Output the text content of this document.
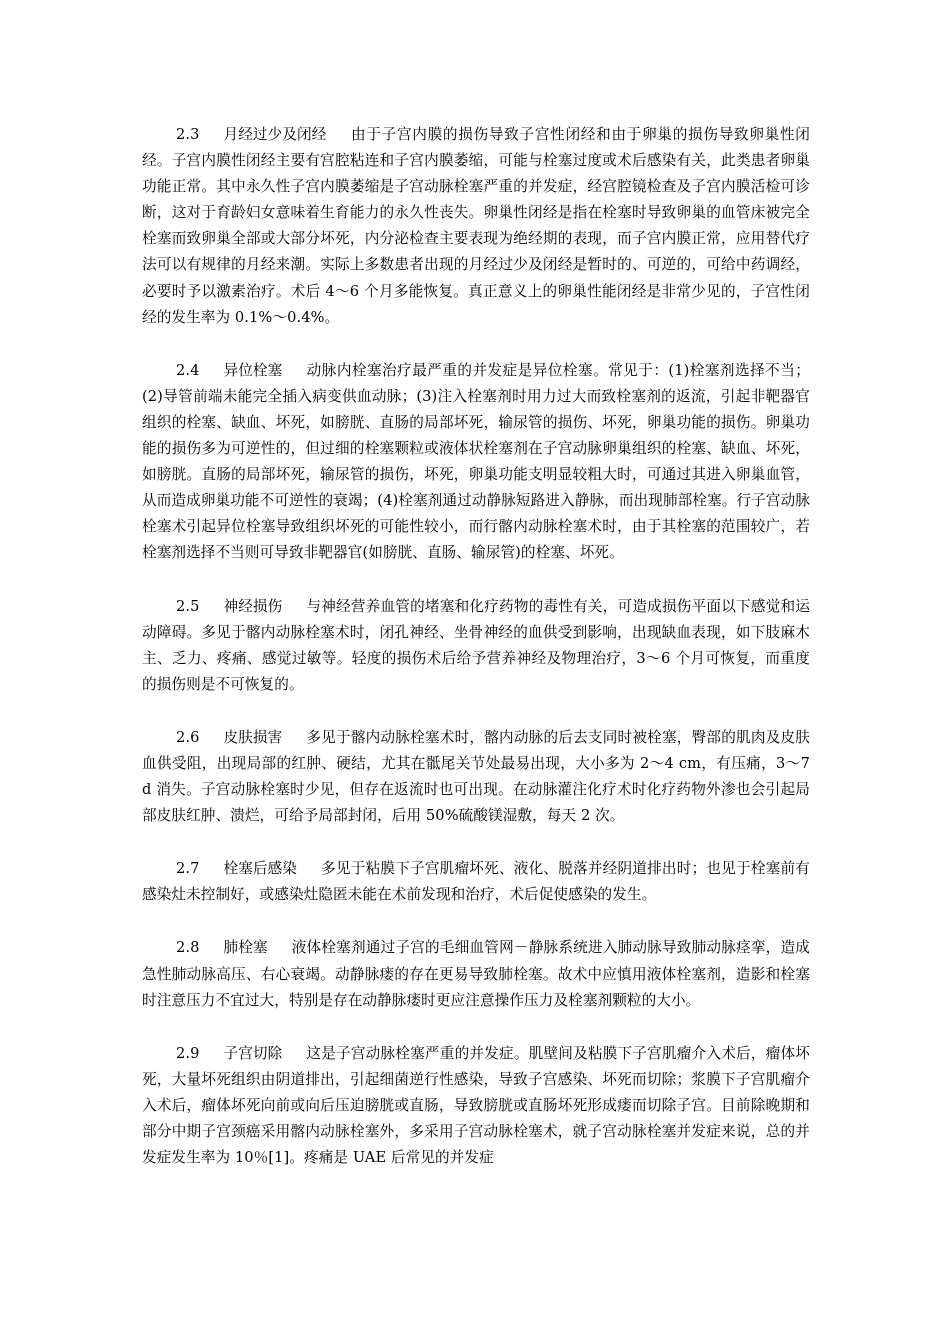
2.3 月经过少及闭经 由于子宫内膜的损伤导致子宫性闭经和由于卵巢的损伤导致卵巢性闭经。子宫内膜性闭经主要有宫腔粘连和子宫内膜萎缩，可能与栓塞过度或术后感染有关，此类患者卵巢功能正常。其中永久性子宫内膜萎缩是子宫动脉栓塞严重的并发症，经宫腔镜检查及子宫内膜活检可诊断，这对于育龄妇女意味着生育能力的永久性丧失。卵巢性闭经是指在栓塞时导致卵巢的血管床被完全栓塞而致卵巢全部或大部分坏死，内分泌检查主要表现为绝经期的表现，而子宫内膜正常，应用替代疗法可以有规律的月经来潮。实际上多数患者出现的月经过少及闭经是暂时的、可逆的，可给中药调经，必要时予以激素治疗。术后 4～6 个月多能恢复。真正意义上的卵巢性能闭经是非常少见的，子宫性闭经的发生率为 0.1%～0.4%。

2.4 异位栓塞 动脉内栓塞治疗最严重的并发症是异位栓塞。常见于：(1)栓塞剂选择不当；(2)导管前端未能完全插入病变供血动脉；(3)注入栓塞剂时用力过大而致栓塞剂的返流，引起非靶器官组织的栓塞、缺血、坏死，如膀胱、直肠的局部坏死，输尿管的损伤、坏死，卵巢功能的损伤。卵巢功能的损伤多为可逆性的，但过细的栓塞颗粒或液体状栓塞剂在子宫动脉卵巢组织的栓塞、缺血、坏死，如膀胱。直肠的局部坏死，输尿管的损伤，坏死，卵巢功能支明显较粗大时，可通过其进入卵巢血管，从而造成卵巢功能不可逆性的衰竭；(4)栓塞剂通过动静脉短路进入静脉，而出现肺部栓塞。行子宫动脉栓塞术引起异位栓塞导致组织坏死的可能性较小，而行髂内动脉栓塞术时，由于其栓塞的范围较广，若栓塞剂选择不当则可导致非靶器官(如膀胱、直肠、输尿管)的栓塞、坏死。

2.5 神经损伤 与神经营养血管的堵塞和化疗药物的毒性有关，可造成损伤平面以下感觉和运动障碍。多见于髂内动脉栓塞术时，闭孔神经、坐骨神经的血供受到影响，出现缺血表现，如下肢麻木主、乏力、疼痛、感觉过敏等。轻度的损伤术后给予营养神经及物理治疗，3～6 个月可恢复，而重度的损伤则是不可恢复的。

2.6 皮肤损害 多见于髂内动脉栓塞术时，髂内动脉的后去支同时被栓塞，臀部的肌肉及皮肤血供受阻，出现局部的红肿、硬结，尤其在骶尾关节处最易出现，大小多为 2～4 cm，有压痛，3～7 d 消失。子宫动脉栓塞时少见，但存在返流时也可出现。在动脉灌注化疗术时化疗药物外渗也会引起局部皮肤红肿、溃烂，可给予局部封闭，后用 50%硫酸镁湿敷，每天 2 次。

2.7 栓塞后感染 多见于粘膜下子宫肌瘤坏死、液化、脱落并经阴道排出时；也见于栓塞前有感染灶未控制好，或感染灶隐匿未能在术前发现和治疗，术后促使感染的发生。

2.8 肺栓塞 液体栓塞剂通过子宫的毛细血管网－静脉系统进入肺动脉导致肺动脉痉挛，造成急性肺动脉高压、右心衰竭。动静脉瘘的存在更易导致肺栓塞。故术中应慎用液体栓塞剂，造影和栓塞时注意压力不宜过大，特别是存在动静脉瘘时更应注意操作压力及栓塞剂颗粒的大小。

2.9 子宫切除 这是子宫动脉栓塞严重的并发症。肌壁间及粘膜下子宫肌瘤介入术后，瘤体坏死，大量坏死组织由阴道排出，引起细菌逆行性感染，导致子宫感染、坏死而切除；浆膜下子宫肌瘤介入术后，瘤体坏死向前或向后压迫膀胱或直肠，导致膀胱或直肠坏死形成瘘而切除子宫。目前除晚期和部分中期子宫颈癌采用髂内动脉栓塞外，多采用子宫动脉栓塞术，就子宫动脉栓塞并发症来说，总的并发症发生率为 10％[1]。疼痛是 UAE 后常见的并发症
